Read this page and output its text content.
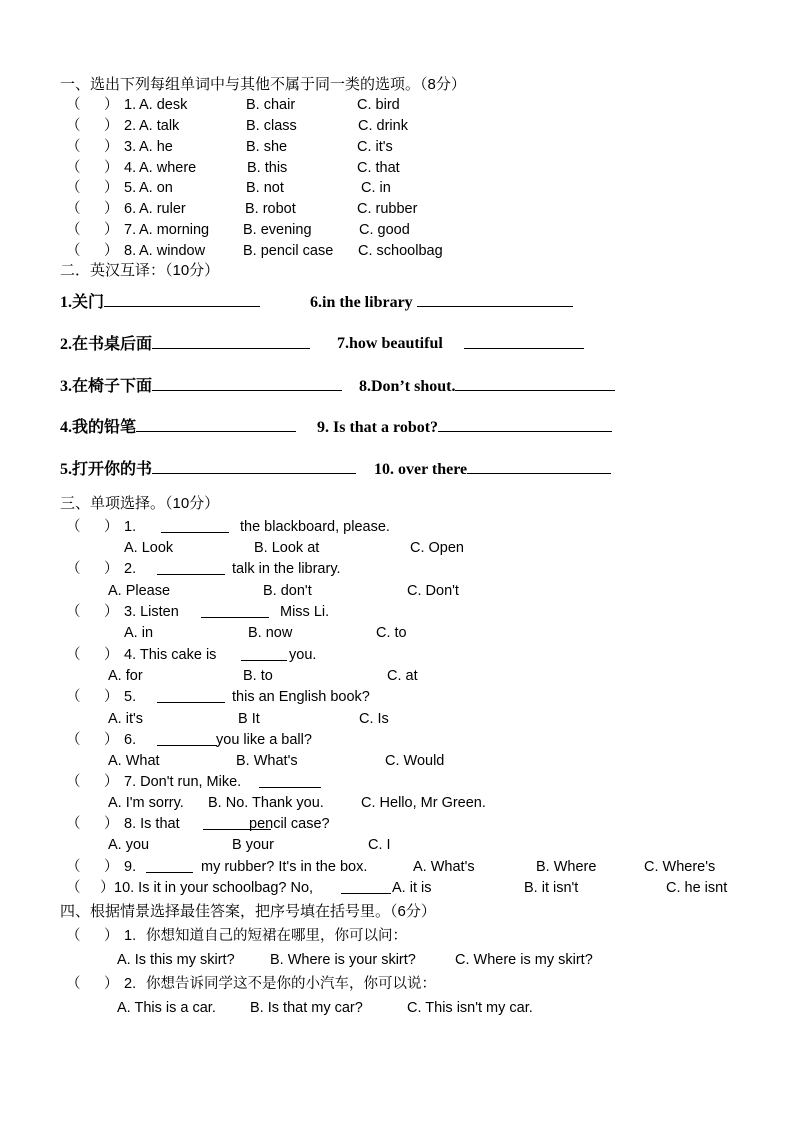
一、选出下列每组单词中与其他不属于同一类的选项。（8分）
（ ） 1. A. desk	B. chair	C. bird
（ ） 2. A. talk	B. class	C. drink
（ ） 3. A. he	B. she	C. it's
（ ） 4. A. where	B. this	C. that
（ ） 5. A. on	B. not	C. in
（ ） 6. A. ruler	B. robot	C. rubber
（ ） 7. A. morning B. evening	C. good
（ ） 8. A. window	B. pencil case C. schoolbag
二．英汉互译：（10分）
1.关门	6.in the library
2.在书桌后面	7.how beautiful
3.在椅子下面	8.Don’t shout.
4.我的铅笔	9. Is that a robot?
5.打开你的书	10. over there
三、单项选择。（10分）
（ ） 1.	the blackboard, please.
A. Look	B. Look at	C. Open
（ ） 2.	talk in the library.
A. Please	B. don't	C. Don't
（ ） 3. Listen	Miss Li.
A. in	B. now	C. to
（ ） 4. This cake is	you.
A. for	B. to	C. at
（ ） 5.	this an English book?
A. it's	B It	C. Is
（ ） 6.	you like a ball?
A. What	B. What's	C. Would
（ ） 7. Don't run, Mike.
A. I'm sorry. B. No. Thank you.	C. Hello, Mr Green.
（ ） 8. Is that	pencil case?
A. you	B your	C. I
（ ） 9.	my rubber? It's in the box.	A. What's	B. Where	C. Where's
（ ） 10. Is it in your schoolbag? No,	A. it is	B. it isn't	C. he isnt
四、根据情景选择最佳答案，把序号填在括号里。（6分）
（ ） 1. 你想知道自己的短裙在哪里，你可以问：
A. Is this my skirt? B. Where is your skirt?	C. Where is my skirt?
（ ） 2. 你想告诉同学这不是你的小汽车，你可以说：
A. This is a car. B. Is that my car?	C. This isn't my car.
